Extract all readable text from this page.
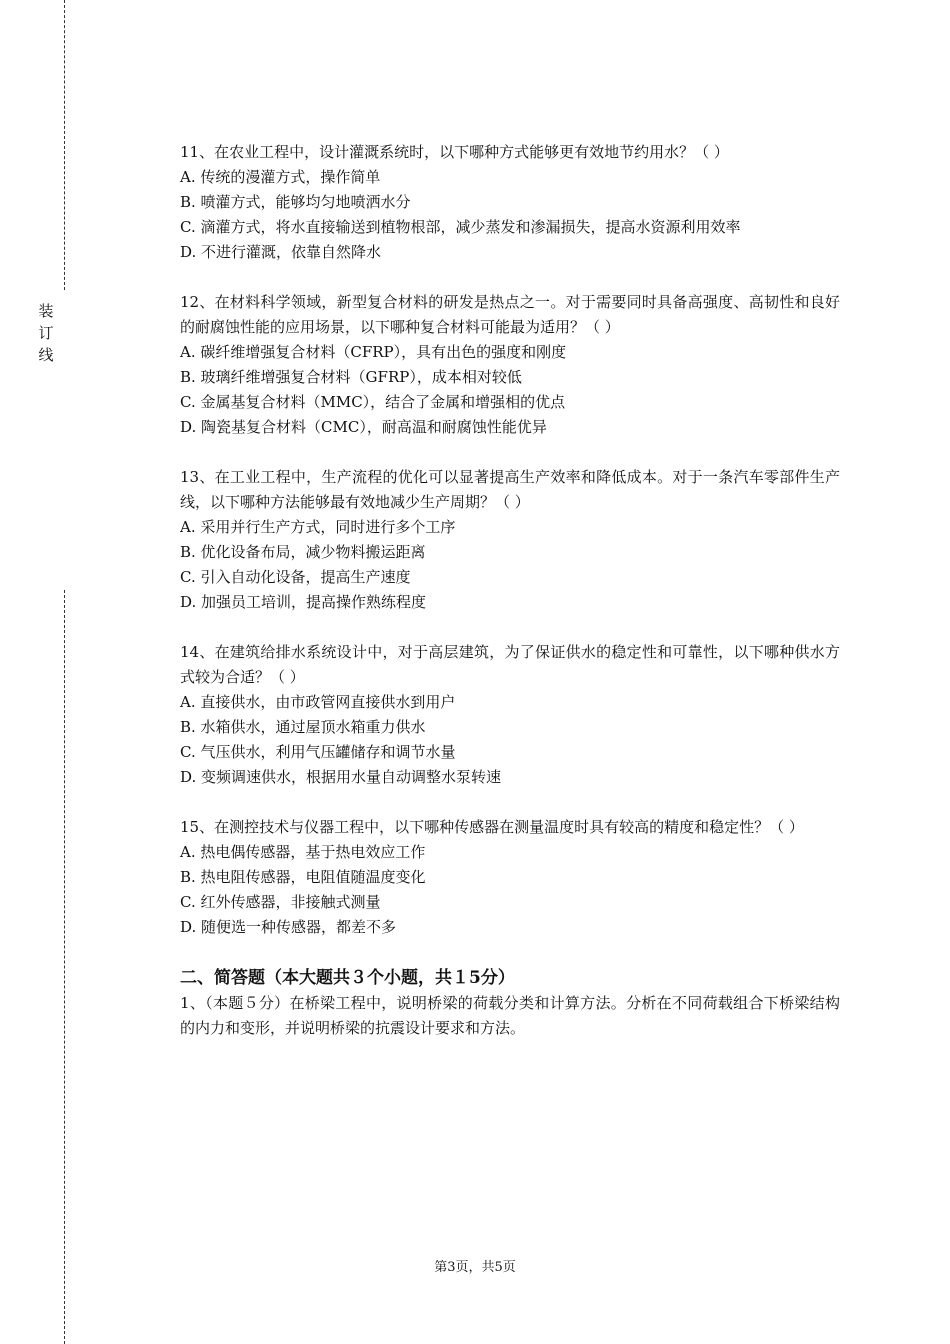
装
订
线

11、在农业工程中，设计灌溉系统时，以下哪种方式能够更有效地节约用水？（ ）

A. 传统的漫灌方式，操作简单

B. 喷灌方式，能够均匀地喷洒水分

C. 滴灌方式，将水直接输送到植物根部，减少蒸发和渗漏损失，提高水资源利用效率

D. 不进行灌溉，依靠自然降水

12、在材料科学领域，新型复合材料的研发是热点之一。对于需要同时具备高强度、高韧性和良好的耐腐蚀性能的应用场景，以下哪种复合材料可能最为适用？（ ）

A. 碳纤维增强复合材料（CFRP），具有出色的强度和刚度

B. 玻璃纤维增强复合材料（GFRP），成本相对较低

C. 金属基复合材料（MMC），结合了金属和增强相的优点

D. 陶瓷基复合材料（CMC），耐高温和耐腐蚀性能优异

13、在工业工程中，生产流程的优化可以显著提高生产效率和降低成本。对于一条汽车零部件生产线，以下哪种方法能够最有效地减少生产周期？（ ）

A. 采用并行生产方式，同时进行多个工序

B. 优化设备布局，减少物料搬运距离

C. 引入自动化设备，提高生产速度

D. 加强员工培训，提高操作熟练程度

14、在建筑给排水系统设计中，对于高层建筑，为了保证供水的稳定性和可靠性，以下哪种供水方式较为合适？（ ）

A. 直接供水，由市政管网直接供水到用户

B. 水箱供水，通过屋顶水箱重力供水

C. 气压供水，利用气压罐储存和调节水量

D. 变频调速供水，根据用水量自动调整水泵转速

15、在测控技术与仪器工程中，以下哪种传感器在测量温度时具有较高的精度和稳定性？（ ）

A. 热电偶传感器，基于热电效应工作

B. 热电阻传感器，电阻值随温度变化

C. 红外传感器，非接触式测量

D. 随便选一种传感器，都差不多

二、简答题（本大题共３个小题，共１5分）

1、（本题５分）在桥梁工程中，说明桥梁的荷载分类和计算方法。分析在不同荷载组合下桥梁结构的内力和变形，并说明桥梁的抗震设计要求和方法。

第3页，共5页
